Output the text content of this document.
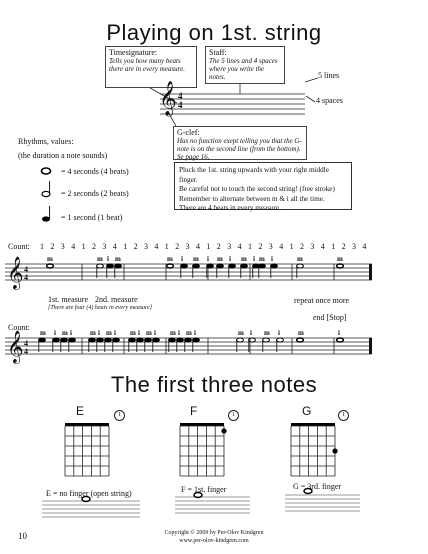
Playing on 1st. string
Timesignature:
Tells you how many beats there are in every measure.
Staff:
The 5 lines and 4 spaces where you write the notes.
G-clef:
Has no function exept telling you that the G-note is on the second line (from the bottom). Se page 16.
𝄞 4
4
5 lines
4 spaces
Rhythms, values:
(the duration a note sounds)
= 4 seconds (4 beats)
= 2 seconds (2 beats)
= 1 second (1 beat)
Pluck the 1st. string upwards with your right middle finger.
Be careful not to touch the second string! (free stroke)
Remember to alternate between m & i all the time.
There are 4 beats in every measure.
Count: 1 2 3 4 1 2 3 4 1 2 3 4 1 2 3 4 1 2 3 4 1 2 3 4 1 2 3 4 1 2 3 4
m	m i m	m i m i m i m i m i	m	m
𝄞 4
4
1st. measure 2nd. measure
[There are four (4) beats in every measure]
repeat once more
Count:
end [Stop]
m i m i	m i m i m i m i m i m i	m i m i	m	i
𝄞 4
4
The first three notes
E	F	G
1	1	1
E = no finger (open string)	F = 1st. finger	G = 3rd. finger
10	Copyright © 2009 by Per-Olov Kindgren
www.per-olov-kindgren.com
